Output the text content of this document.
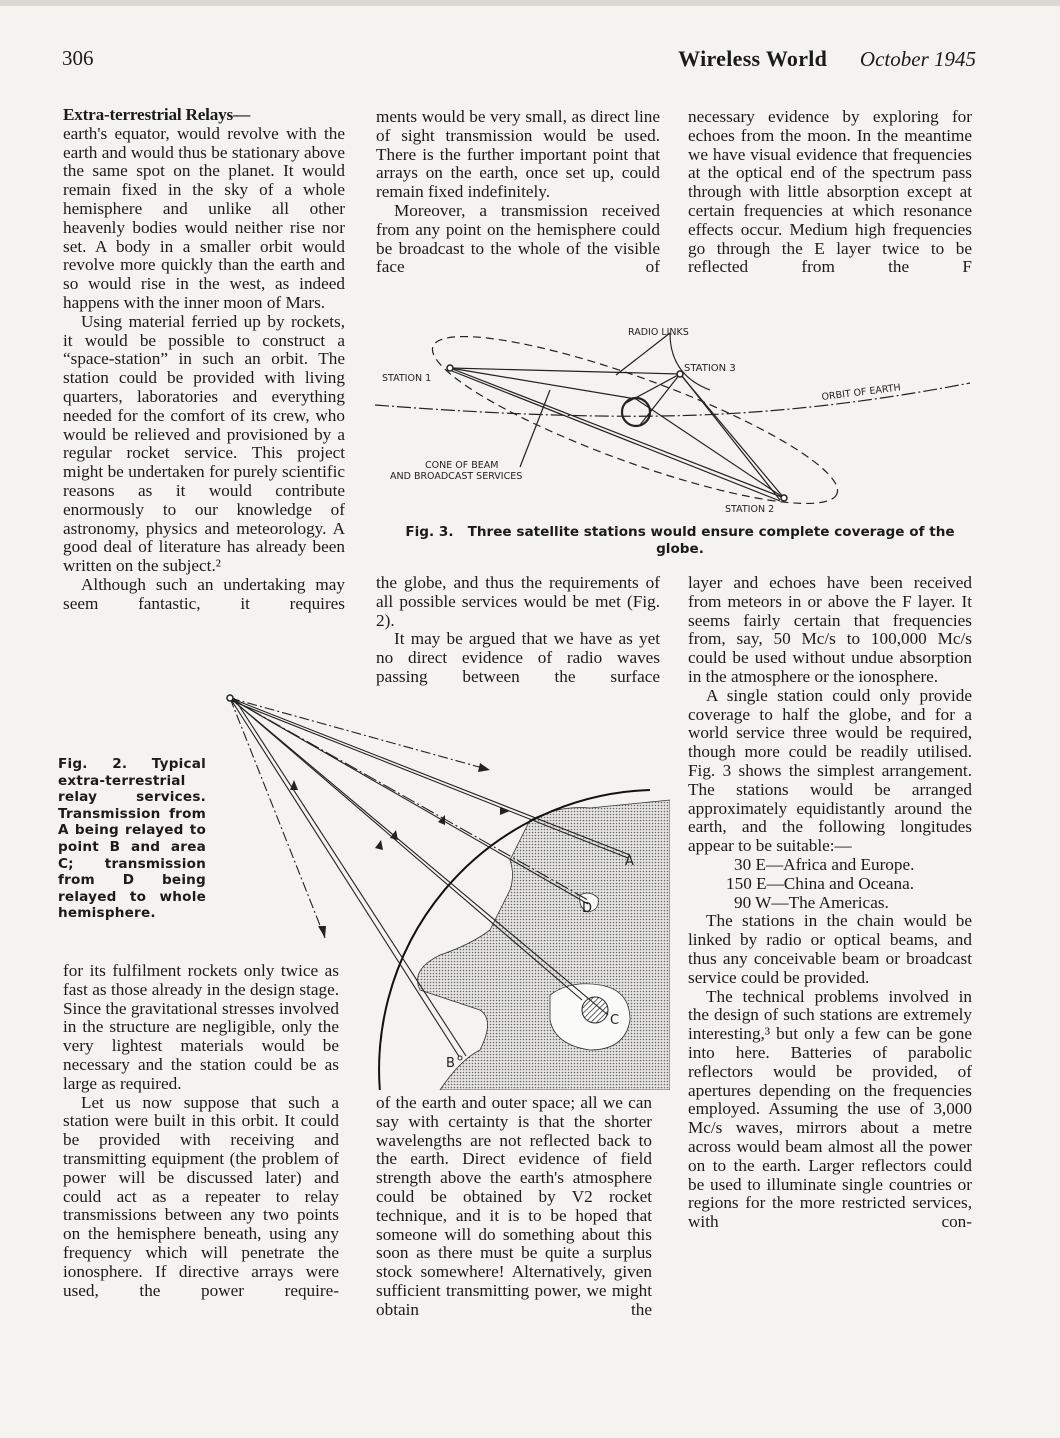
306	Wireless World October 1945

Extra-terrestrial Relays—

earth's equator, would revolve with the earth and would thus be stationary above the same spot on the planet. It would remain fixed in the sky of a whole hemisphere and unlike all other heavenly bodies would neither rise nor set. A body in a smaller orbit would revolve more quickly than the earth and so would rise in the west, as indeed happens with the inner moon of Mars.

Using material ferried up by rockets, it would be possible to construct a “space-station” in such an orbit. The station could be provided with living quarters, laboratories and everything needed for the comfort of its crew, who would be relieved and provisioned by a regular rocket service. This project might be undertaken for purely scientific reasons as it would contribute enormously to our knowledge of astronomy, physics and meteorology. A good deal of literature has already been written on the subject.²

Although such an undertaking may seem fantastic, it requires

ments would be very small, as direct line of sight transmission would be used. There is the further important point that arrays on the earth, once set up, could remain fixed indefinitely.

Moreover, a transmission received from any point on the hemisphere could be broadcast to the whole of the visible face of

necessary evidence by exploring for echoes from the moon. In the meantime we have visual evidence that frequencies at the optical end of the spectrum pass through with little absorption except at certain frequencies at which resonance effects occur. Medium high frequencies go through the E layer twice to be reflected from the F

RADIO LINKS
STATION 1
STATION 3
STATION 2
ORBIT OF EARTH
CONE OF BEAM
AND BROADCAST SERVICES
Fig. 3. Three satellite stations would ensure complete coverage of the globe.

the globe, and thus the requirements of all possible services would be met (Fig. 2).

It may be argued that we have as yet no direct evidence of radio waves passing between the surface

layer and echoes have been received from meteors in or above the F layer. It seems fairly certain that frequencies from, say, 50 Mc/s to 100,000 Mc/s could be used without undue absorption in the atmosphere or the ionosphere.

A single station could only provide coverage to half the globe, and for a world service three would be required, though more could be readily utilised. Fig. 3 shows the simplest arrangement. The stations would be arranged approximately equidistantly around the earth, and the following longitudes appear to be suitable:—

30 E—Africa and Europe.
150 E—China and Oceana.
90 W—The Americas.

The stations in the chain would be linked by radio or optical beams, and thus any conceivable beam or broadcast service could be provided.

The technical problems involved in the design of such stations are extremely interesting,³ but only a few can be gone into here. Batteries of parabolic reflectors would be provided, of apertures depending on the frequencies employed. Assuming the use of 3,000 Mc/s waves, mirrors about a metre across would beam almost all the power on to the earth. Larger reflectors could be used to illuminate single countries or regions for the more restricted services, with con-

Fig. 2. Typical extra-terrestrial relay services. Transmission from A being relayed to point B and area C; transmission from D being relayed to whole hemisphere.

A
B
C
D

for its fulfilment rockets only twice as fast as those already in the design stage. Since the gravitational stresses involved in the structure are negligible, only the very lightest materials would be necessary and the station could be as large as required.

Let us now suppose that such a station were built in this orbit. It could be provided with receiving and transmitting equipment (the problem of power will be discussed later) and could act as a repeater to relay transmissions between any two points on the hemisphere beneath, using any frequency which will penetrate the ionosphere. If directive arrays were used, the power require-

of the earth and outer space; all we can say with certainty is that the shorter wavelengths are not reflected back to the earth. Direct evidence of field strength above the earth's atmosphere could be obtained by V2 rocket technique, and it is to be hoped that someone will do something about this soon as there must be quite a surplus stock somewhere! Alternatively, given sufficient transmitting power, we might obtain the
